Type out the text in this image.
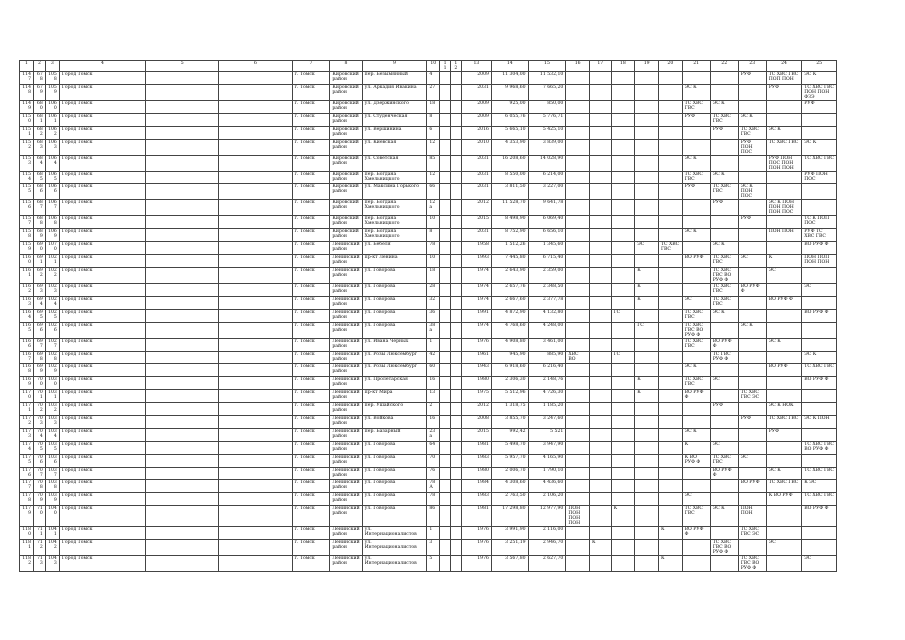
1	2	3	4	5	6	7	8	9	10	11	12	13	14	15	16	17	18	19	20	21	22	23	24	25
1147	678	1058	Город Томск			г. Томск	Кировский район	пер. Безымянный	4			2009	11 304,00	11 532,10								РУФ	ТС ХВС ГВС ПОП ПОН	ЭС К
1148	679	1059	Город Томск			г. Томск	Кировский район	ул. Аркадия Ивакина	27			2031	9 968,60	7 665,20						ЭС К			РУФ	ТС ХВС ГВС ПОН ПОН ФЗЭ
1149	680	1060	Город Томск			г. Томск	Кировский район	ул. Дзержинского	18			2009	925,00	850,00						ТС ХВС ГВС	ЭС К			РУФ
1150	681	1061	Город Томск			г. Томск	Кировский район	ул. Студенческая	8			2009	6 055,76	5 776,71						РУФ	ТС ХВС ГВС	ЭС К		
1151	682	1062	Город Томск			г. Томск	Кировский район	ул. Вершинина	6			2016	5 665,10	5 425,10							РУФ	ТС ХВС ГВС	ЭС К	
1152	683	1063	Город Томск			г. Томск	Кировский район	ул. Киевская	12			2010	4 353,90	3 839,00								РУФ ПОН ПОС	ТС ХВС ГВС	ЭС К
1153	684	1064	Город Томск			г. Томск	Кировский район	ул. Советская	85			2031	16 208,60	14 028,90						ЭС К			РУФ ПОН ПОС ПОН ПОН ПОН	ТС ХВС ГВС
1154	685	1065	Город Томск			г. Томск	Кировский район	пер. Богдана Хмельницкого	12			2031	8 550,00	6 214,00						ТС ХВС ГВС	ЭС К			РУФ ПОН ПОС
1155	686	1066	Город Томск			г. Томск	Кировский район	ул. Максима Горького	66			2031	3 811,50	3 227,00						РУФ	ТС ХВС ГВС	ЭС К ПОН ПОС		
1156	687	1067	Город Томск			г. Томск	Кировский район	пер. Богдана Хмельницкого	12а			2012	11 528,70	9 641,78							РУФ		ЭС К ПОН ПОН ПОН ПОН ПОС	
1157	688	1068	Город Томск			г. Томск	Кировский район	пер. Богдана Хмельницкого	10			2015	8 498,90	6 069,40								РУФ		ТС К ПОП ПОС
1158	689	1069	Город Томск			г. Томск	Кировский район	пер. Богдана Хмельницкого	8			2031	8 752,90	6 656,10						ЭС К			ПОН ПОН	РУФ ТС ХВС ГВС
1159	690	1070	Город Томск			г. Томск	Ленинский район	ул. Бебеля	78			1958	1 512,26	1 345,60				ЭС	ТС ХВС ГВС		ЭС К			ВО РУФ Ф
1160	691	1021	Город Томск			г. Томск	Ленинский район	пр-кт Ленина	10			1993	7 445,80	6 715,40						ВО РУФ	ТС ХВС ГВС	ЭС	К	ПОН ПОП ПОН ПОН
1161	692	1022	Город Томск			г. Томск	Ленинский район	ул. Говорова	18			1974	2 643,90	2 359,00				К			ТС ХВС ГВС ВО РУФ Ф		ЭС	
1162	693	1023	Город Томск			г. Томск	Ленинский район	ул. Говорова	28			1974	2 657,76	2 348,50				К			ТС ХВС ГВС	ВО РУФ Ф		ЭС
1163	694	1024	Город Томск			г. Томск	Ленинский район	ул. Говорова	32			1974	2 667,60	2 377,78				К		ЭС	ТС ХВС ГВС		ВО РУФ Ф	
1164	695	1025	Город Томск			г. Томск	Ленинский район	ул. Говорова	36			1991	4 872,90	4 132,80			ГС			ТС ХВС ГВС	ЭС К			ВО РУФ Ф
1165	696	1026	Город Томск			г. Томск	Ленинский район	ул. Говорова	38а			1974	4 768,60	4 248,00				ГС		ТС ХВС ГВС ВО РУФ Ф		ЭС К		
1166	697	1027	Город Томск			г. Томск	Ленинский район	ул. Ивана Черных	1			1976	4 908,80	3 461,00						ТС ХВС ГВС	ВО РУФ Ф		ЭС К	
1167	698	1028	Город Томск			г. Томск	Ленинский район	ул. Розы Люксембург	42			1961	945,90	885,90	ХВС ВО		ГС				ТС ГВС РУФ Ф			ЭС К
1168	699	1029	Город Томск			г. Томск	Ленинский район	ул. Розы Люксембург	60			1943	6 918,60	6 216,40						ЭС К			ВО РУФ	ТС ХВС ГВС
1169	700	1030	Город Томск			г. Томск	Ленинский район	ул. Пролетарская	16			1980	2 306,30	2 148,76				К		ТС ХВС ГВС	ЭС			ВО РУФ Ф
1170	701	1031	Город Томск			г. Томск	Ленинский район	пр-кт Мира	13			1975	5 512,96	4 726,30				К		ВО РУФ Ф		ТС ХВС ГВС ЭС		
1171	702	1032	Город Томск			г. Томск	Ленинский район	пер. Ушайского	2			2012	1 318,75	1 185,20							РУФ		ЭС К НОК	
1172	703	1033	Город Томск			г. Томск	Ленинский район	ул. Войкова	16			2008	3 855,70	3 247,60								РУФ	ТС ХВС ГВС	ЭС К ПОН
1173	704	1034	Город Томск			г. Томск	Ленинский район	пер. Базарный	23а			2015	992,42	5 521						ЭС К			РУФ	
1174	705	1035	Город Томск			г. Томск	Ленинский район	ул. Говорова	64			1981	5 498,70	3 947,90						К	ЭС			ТС ХВС ГВС ВО РУФ Ф
1175	706	1036	Город Томск			г. Томск	Ленинский район	ул. Говорова	70			1983	5 957,70	4 165,90						К ВО РУФ Ф	ТС ХВС ГВС	ЭС		
1176	707	1037	Город Томск			г. Томск	Ленинский район	ул. Говорова	76			1980	2 006,70	1 790,10							ВО РУФ Ф		ЭС К	ТС ХВС ГВС
1177	708	1038	Город Томск			г. Томск	Ленинский район	ул. Говорова	78А			1984	4 308,60	4 436,60								ВО РУФ	ТС ХВС ГВС	К ЭС
1178	709	1039	Город Томск			г. Томск	Ленинский район	ул. Говорова	78			1983	2 763,50	2 106,20						ЭС			К ВО РУФ	ТС ХВС ГВС
1179	710	1040	Город Томск			г. Томск	Ленинский район	ул. Говорова	86			1981	17 298,80	12 977,90	ПОН ПОН ПОН ПОН		К			ТС ХВС ГВС	ЭС К	ПОН ПОН		ВО РУФ Ф
1180	711	1041	Город Томск			г. Томск	Ленинский район	ул. Интернационалистов	1			1976	3 991,90	2 116,00					К	ВО РУФ Ф		ТС ХВС ГВС ЭС		
1181	712	1042	Город Томск			г. Томск	Ленинский район	ул. Интернационалистов	3			1976	3 251,19	2 946,70		К					ТС ХВС ГВС ВО РУФ Ф		ЭС	
1182	713	1043	Город Томск			г. Томск	Ленинский район	ул. Интернационалистов	5			1976	3 567,80	2 627,70					К			ТС ХВС ГВС ВО РУФ Ф		ЭС
